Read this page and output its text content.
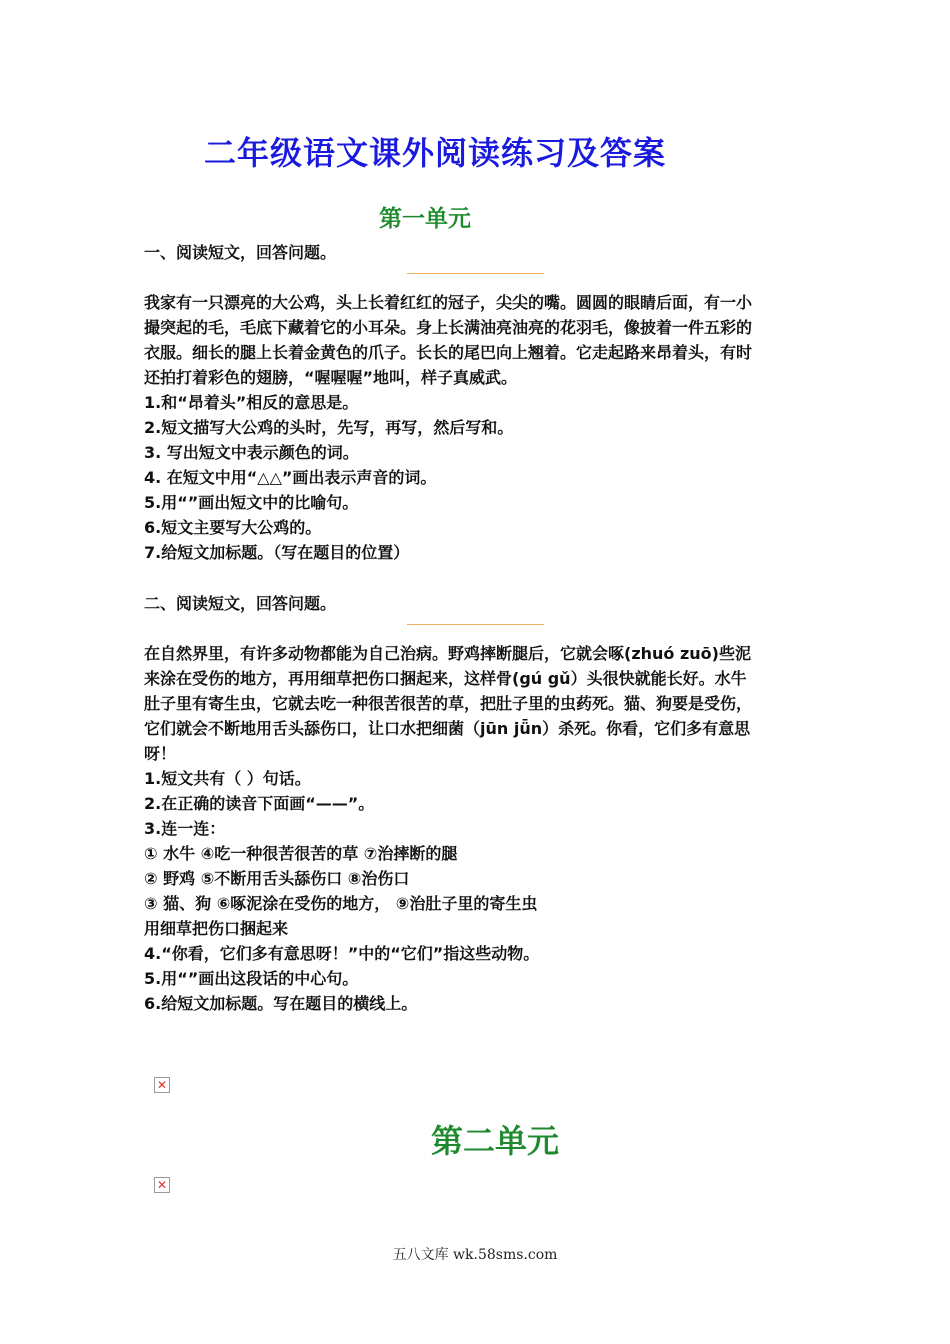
二年级语文课外阅读练习及答案
第一单元
一、阅读短文，回答问题。
我家有一只漂亮的大公鸡，头上长着红红的冠子，尖尖的嘴。圆圆的眼睛后面，有一小
撮突起的毛，毛底下藏着它的小耳朵。身上长满油亮油亮的花羽毛，像披着一件五彩的
衣服。细长的腿上长着金黄色的爪子。长长的尾巴向上翘着。它走起路来昂着头，有时
还拍打着彩色的翅膀，“喔喔喔”地叫，样子真威武。
1.和“昂着头”相反的意思是。
2.短文描写大公鸡的头时，先写，再写，然后写和。
3. 写出短文中表示颜色的词。
4. 在短文中用“△△”画出表示声音的词。
5.用“”画出短文中的比喻句。
6.短文主要写大公鸡的。
7.给短文加标题。（写在题目的位置）
二、阅读短文，回答问题。
在自然界里，有许多动物都能为自己治病。野鸡摔断腿后，它就会啄(zhuó zuō)些泥
来涂在受伤的地方，再用细草把伤口捆起来，这样骨(gú gǔ）头很快就能长好。水牛
肚子里有寄生虫，它就去吃一种很苦很苦的草，把肚子里的虫药死。猫、狗要是受伤，
它们就会不断地用舌头舔伤口，让口水把细菌（jūn jǖn）杀死。你看，它们多有意思
呀！
1.短文共有（ ）句话。
2.在正确的读音下面画“——”。
3.连一连：
① 水牛 ④吃一种很苦很苦的草 ⑦治摔断的腿
② 野鸡 ⑤不断用舌头舔伤口 ⑧治伤口
③ 猫、狗 ⑥啄泥涂在受伤的地方， ⑨治肚子里的寄生虫
用细草把伤口捆起来
4.“你看，它们多有意思呀！”中的“它们”指这些动物。
5.用“”画出这段话的中心句。
6.给短文加标题。写在题目的横线上。
✕
第二单元
✕
五八文库 wk.58sms.com
